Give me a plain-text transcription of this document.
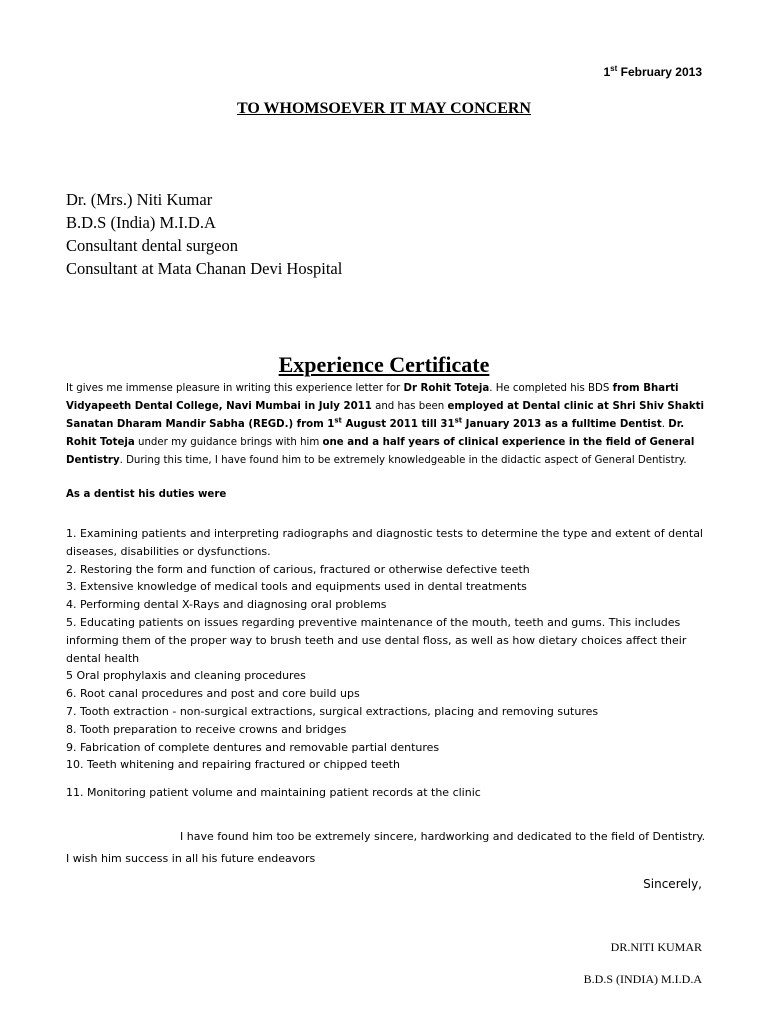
1st February 2013
TO WHOMSOEVER IT MAY CONCERN
Dr. (Mrs.) Niti Kumar
B.D.S (India) M.I.D.A
Consultant dental surgeon
Consultant at Mata Chanan Devi Hospital
Experience Certificate
It gives me immense pleasure in writing this experience letter for Dr Rohit Toteja. He completed his BDS from Bharti Vidyapeeth Dental College, Navi Mumbai in July 2011 and has been employed at Dental clinic at Shri Shiv Shakti Sanatan Dharam Mandir Sabha (REGD.) from 1st August 2011 till 31st January 2013 as a fulltime Dentist. Dr. Rohit Toteja under my guidance brings with him one and a half years of clinical experience in the field of General Dentistry. During this time, I have found him to be extremely knowledgeable in the didactic aspect of General Dentistry.
As a dentist his duties were
1. Examining patients and interpreting radiographs and diagnostic tests to determine the type and extent of dental diseases, disabilities or dysfunctions.
2. Restoring the form and function of carious, fractured or otherwise defective teeth
3. Extensive knowledge of medical tools and equipments used in dental treatments
4. Performing dental X-Rays and diagnosing oral problems
5. Educating patients on issues regarding preventive maintenance of the mouth, teeth and gums. This includes informing them of the proper way to brush teeth and use dental floss, as well as how dietary choices affect their dental health
5 Oral prophylaxis and cleaning procedures
6. Root canal procedures and post and core build ups
7. Tooth extraction - non-surgical extractions, surgical extractions, placing and removing sutures
8. Tooth preparation to receive crowns and bridges
9. Fabrication of complete dentures and removable partial dentures
10. Teeth whitening and repairing fractured or chipped teeth
11. Monitoring patient volume and maintaining patient records at the clinic
I have found him too be extremely sincere, hardworking and dedicated to the field of Dentistry. I wish him success in all his future endeavors
Sincerely,
DR.NITI KUMAR
B.D.S (INDIA) M.I.D.A
